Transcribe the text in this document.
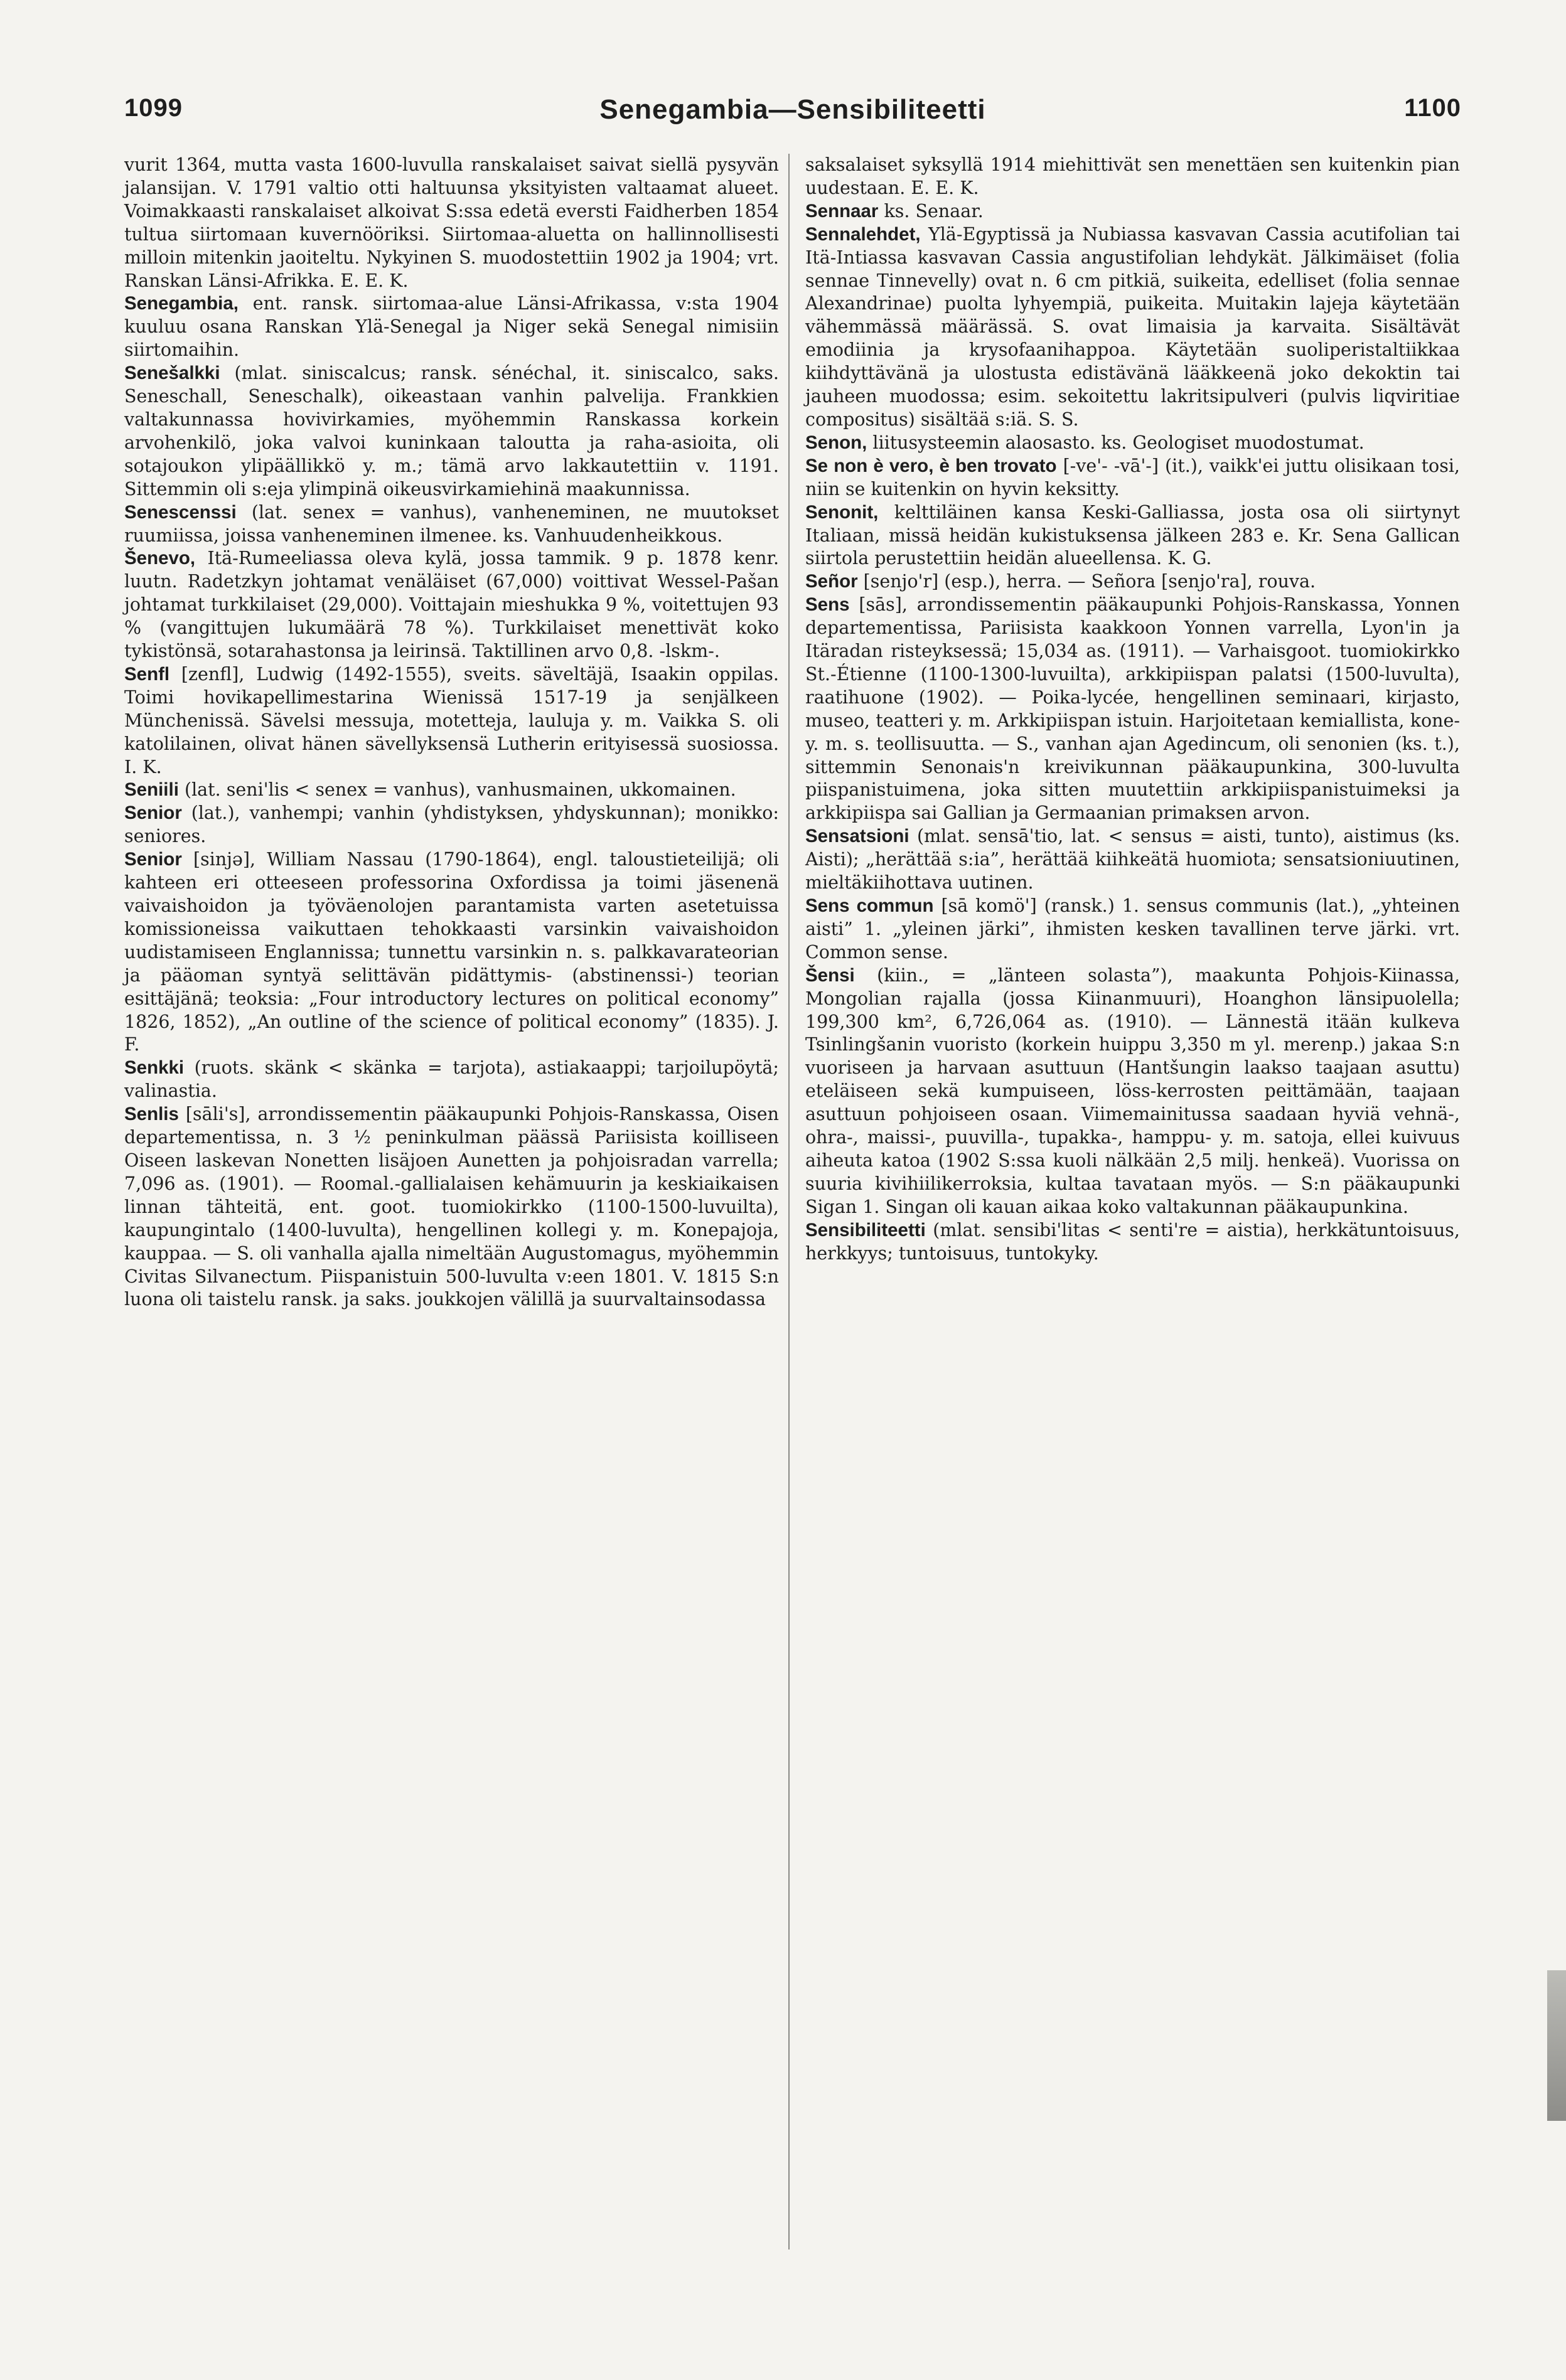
1099	Senegambia—Sensibiliteetti	1100

vurit 1364, mutta vasta 1600-luvulla ranskalaiset saivat siellä pysyvän jalansijan. V. 1791 valtio otti haltuunsa yksityisten valtaamat alueet. Voimakkaasti ranskalaiset alkoivat S:ssa edetä eversti Faidherben 1854 tultua siirtomaan kuvernööriksi. Siirtomaa-aluetta on hallinnollisesti milloin mitenkin jaoiteltu. Nykyinen S. muodostettiin 1902 ja 1904; vrt. Ranskan Länsi-Afrikka. E. E. K.

Senegambia, ent. ransk. siirtomaa-alue Länsi-Afrikassa, v:sta 1904 kuuluu osana Ranskan Ylä-Senegal ja Niger sekä Senegal nimisiin siirtomaihin.

Senešalkki (mlat. siniscalcus; ransk. sénéchal, it. siniscalco, saks. Seneschall, Seneschalk), oikeastaan vanhin palvelija. Frankkien valtakunnassa hovivirkamies, myöhemmin Ranskassa korkein arvohenkilö, joka valvoi kuninkaan taloutta ja raha-asioita, oli sotajoukon ylipäällikkö y. m.; tämä arvo lakkautettiin v. 1191. Sittemmin oli s:eja ylimpinä oikeusvirkamiehinä maakunnissa.

Senescenssi (lat. senex = vanhus), vanheneminen, ne muutokset ruumiissa, joissa vanheneminen ilmenee. ks. Vanhuudenheikkous.

Šenevo, Itä-Rumeeliassa oleva kylä, jossa tammik. 9 p. 1878 kenr. luutn. Radetzkyn johtamat venäläiset (67,000) voittivat Wessel-Pašan johtamat turkkilaiset (29,000). Voittajain mieshukka 9 %, voitettujen 93 % (vangittujen lukumäärä 78 %). Turkkilaiset menettivät koko tykistönsä, sotarahastonsa ja leirinsä. Taktillinen arvo 0,8. -lskm-.

Senfl [zenfl], Ludwig (1492-1555), sveits. säveltäjä, Isaakin oppilas. Toimi hovikapellimestarina Wienissä 1517-19 ja senjälkeen Münchenissä. Sävelsi messuja, motetteja, lauluja y. m. Vaikka S. oli katolilainen, olivat hänen sävellyksensä Lutherin erityisessä suosiossa. I. K.

Seniili (lat. seni'lis < senex = vanhus), vanhusmainen, ukkomainen.

Senior (lat.), vanhempi; vanhin (yhdistyksen, yhdyskunnan); monikko: seniores.

Senior [sinjə], William Nassau (1790-1864), engl. taloustieteilijä; oli kahteen eri otteeseen professorina Oxfordissa ja toimi jäsenenä vaivaishoidon ja työväenolojen parantamista varten asetetuissa komissioneissa vaikuttaen tehokkaasti varsinkin vaivaishoidon uudistamiseen Englannissa; tunnettu varsinkin n. s. palkkavarateorian ja pääoman syntyä selittävän pidättymis- (abstinenssi-) teorian esittäjänä; teoksia: „Four introductory lectures on political economy” 1826, 1852), „An outline of the science of political economy” (1835). J. F.

Senkki (ruots. skänk < skänka = tarjota), astiakaappi; tarjoilupöytä; valinastia.

Senlis [sāli's], arrondissementin pääkaupunki Pohjois-Ranskassa, Oisen departementissa, n. 3 ½ peninkulman päässä Pariisista koilliseen Oiseen laskevan Nonetten lisäjoen Aunetten ja pohjoisradan varrella; 7,096 as. (1901). — Roomal.-gallialaisen kehämuurin ja keskiaikaisen linnan tähteitä, ent. goot. tuomiokirkko (1100-1500-luvuilta), kaupungintalo (1400-luvulta), hengellinen kollegi y. m. Konepajoja, kauppaa. — S. oli vanhalla ajalla nimeltään Augustomagus, myöhemmin Civitas Silvanectum. Piispanistuin 500-luvulta v:een 1801. V. 1815 S:n luona oli taistelu ransk. ja saks. joukkojen välillä ja suurvaltainsodassa

saksalaiset syksyllä 1914 miehittivät sen menettäen sen kuitenkin pian uudestaan. E. E. K.

Sennaar ks. Senaar.

Sennalehdet, Ylä-Egyptissä ja Nubiassa kasvavan Cassia acutifolian tai Itä-Intiassa kasvavan Cassia angustifolian lehdykät. Jälkimäiset (folia sennae Tinnevelly) ovat n. 6 cm pitkiä, suikeita, edelliset (folia sennae Alexandrinae) puolta lyhyempiä, puikeita. Muitakin lajeja käytetään vähemmässä määrässä. S. ovat limaisia ja karvaita. Sisältävät emodiinia ja krysofaanihappoa. Käytetään suoliperistaltiikkaa kiihdyttävänä ja ulostusta edistävänä lääkkeenä joko dekoktin tai jauheen muodossa; esim. sekoitettu lakritsipulveri (pulvis liqviritiae compositus) sisältää s:iä. S. S.

Senon, liitusysteemin alaosasto. ks. Geologiset muodostumat.

Se non è vero, è ben trovato [-ve'- -vā'-] (it.), vaikk'ei juttu olisikaan tosi, niin se kuitenkin on hyvin keksitty.

Senonit, kelttiläinen kansa Keski-Galliassa, josta osa oli siirtynyt Italiaan, missä heidän kukistuksensa jälkeen 283 e. Kr. Sena Gallican siirtola perustettiin heidän alueellensa. K. G.

Señor [senjo'r] (esp.), herra. — Señora [senjo'ra], rouva.

Sens [sās], arrondissementin pääkaupunki Pohjois-Ranskassa, Yonnen departementissa, Pariisista kaakkoon Yonnen varrella, Lyon'in ja Itäradan risteyksessä; 15,034 as. (1911). — Varhaisgoot. tuomiokirkko St.-Étienne (1100-1300-luvuilta), arkkipiispan palatsi (1500-luvulta), raatihuone (1902). — Poika-lycée, hengellinen seminaari, kirjasto, museo, teatteri y. m. Arkkipiispan istuin. Harjoitetaan kemiallista, kone- y. m. s. teollisuutta. — S., vanhan ajan Agedincum, oli senonien (ks. t.), sittemmin Senonais'n kreivikunnan pääkaupunkina, 300-luvulta piispanistuimena, joka sitten muutettiin arkkipiispanistuimeksi ja arkkipiispa sai Gallian ja Germaanian primaksen arvon.

Sensatsioni (mlat. sensā'tio, lat. < sensus = aisti, tunto), aistimus (ks. Aisti); „herättää s:ia”, herättää kiihkeätä huomiota; sensatsioniuutinen, mieltäkiihottava uutinen.

Sens commun [sā komö'] (ransk.) 1. sensus communis (lat.), „yhteinen aisti” 1. „yleinen järki”, ihmisten kesken tavallinen terve järki. vrt. Common sense.

Šensi (kiin., = „länteen solasta”), maakunta Pohjois-Kiinassa, Mongolian rajalla (jossa Kiinanmuuri), Hoanghon länsipuolella; 199,300 km², 6,726,064 as. (1910). — Lännestä itään kulkeva Tsinlingšanin vuoristo (korkein huippu 3,350 m yl. merenp.) jakaa S:n vuoriseen ja harvaan asuttuun (Hantšungin laakso taajaan asuttu) eteläiseen sekä kumpuiseen, löss-kerrosten peittämään, taajaan asuttuun pohjoiseen osaan. Viimemainitussa saadaan hyviä vehnä-, ohra-, maissi-, puuvilla-, tupakka-, hamppu- y. m. satoja, ellei kuivuus aiheuta katoa (1902 S:ssa kuoli nälkään 2,5 milj. henkeä). Vuorissa on suuria kivihiilikerroksia, kultaa tavataan myös. — S:n pääkaupunki Sigan 1. Singan oli kauan aikaa koko valtakunnan pääkaupunkina.

Sensibiliteetti (mlat. sensibi'litas < senti're = aistia), herkkätuntoisuus, herkkyys; tuntoisuus, tuntokyky.
